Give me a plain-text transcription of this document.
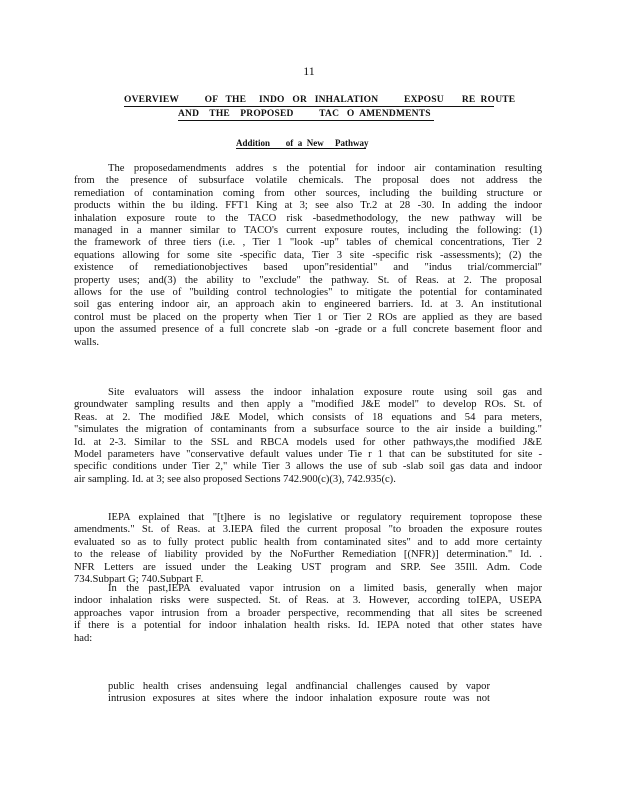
11
OVERVIEW          OF   THE     INDO   OR   INHALATION          EXPOSU       RE  ROUTE
AND    THE    PROPOSED          TAC   O  AMENDMENTS
Addition       of  a  New     Pathway
The proposedamendments addres s the potential for indoor air contamination resulting
from the presence of subsurface volatile chemicals. The proposal does not address the
remediation of contamination coming from other sources, including the building structure or
products within the bu ilding. FFT1 King at 3; see also Tr.2 at 28 -30. In adding the indoor
inhalation exposure route to the TACO risk -basedmethodology, the new pathway will be
managed in a manner similar to TACO's current exposure routes, including the following: (1)
the framework of three tiers (i.e. , Tier 1 "look -up" tables of chemical concentrations, Tier 2
equations allowing for some site -specific data, Tier 3 site -specific risk -assessments); (2) the
existence of remediationobjectives based upon"residential" and "indus trial/commercial"
property uses; and(3) the ability to "exclude" the pathway. St. of Reas. at 2. The proposal
allows for the use of "building control technologies" to mitigate the potential for contaminated
soil gas entering indoor air, an approach akin to engineered barriers. Id. at 3. An institutional
control must be placed on the property when Tier 1 or Tier 2 ROs are applied as they are based
upon the assumed presence of a full concrete slab -on -grade or a full concrete basement floor and
walls.
Site evaluators will assess the indoor inhalation exposure route using soil gas and
groundwater sampling results and then apply a "modified J&E model" to develop ROs. St. of
Reas. at 2. The modified J&E Model, which consists of 18 equations and 54 para meters,
"simulates the migration of contaminants from a subsurface source to the air inside a building."
Id. at 2-3. Similar to the SSL and RBCA models used for other pathways,the modified J&E
Model parameters have "conservative default values under Tie r 1 that can be substituted for site -
specific conditions under Tier 2," while Tier 3 allows the use of sub -slab soil gas data and indoor
air sampling. Id. at 3; see also proposed Sections 742.900(c)(3), 742.935(c).
IEPA explained that "[t]here is no legislative or regulatory requirement topropose these
amendments." St. of Reas. at 3.IEPA filed the current proposal "to broaden the exposure routes
evaluated so as to fully protect public health from contaminated sites" and to add more certainty
to the release of liability provided by the NoFurther Remediation [(NFR)] determination." Id. .
NFR Letters are issued under the Leaking UST program and SRP. See 35Ill. Adm. Code
734.Subpart G; 740.Subpart F.
In the past,IEPA evaluated vapor intrusion on a limited basis, generally when major
indoor inhalation risks were suspected. St. of Reas. at 3. However, according toIEPA, USEPA
approaches vapor intrusion from a broader perspective, recommending that all sites be screened
if there is a potential for indoor inhalation health risks. Id. IEPA noted that other states have
had:
public health crises andensuing legal andfinancial challenges caused by vapor
intrusion exposures at sites where the indoor inhalation exposure route was not
